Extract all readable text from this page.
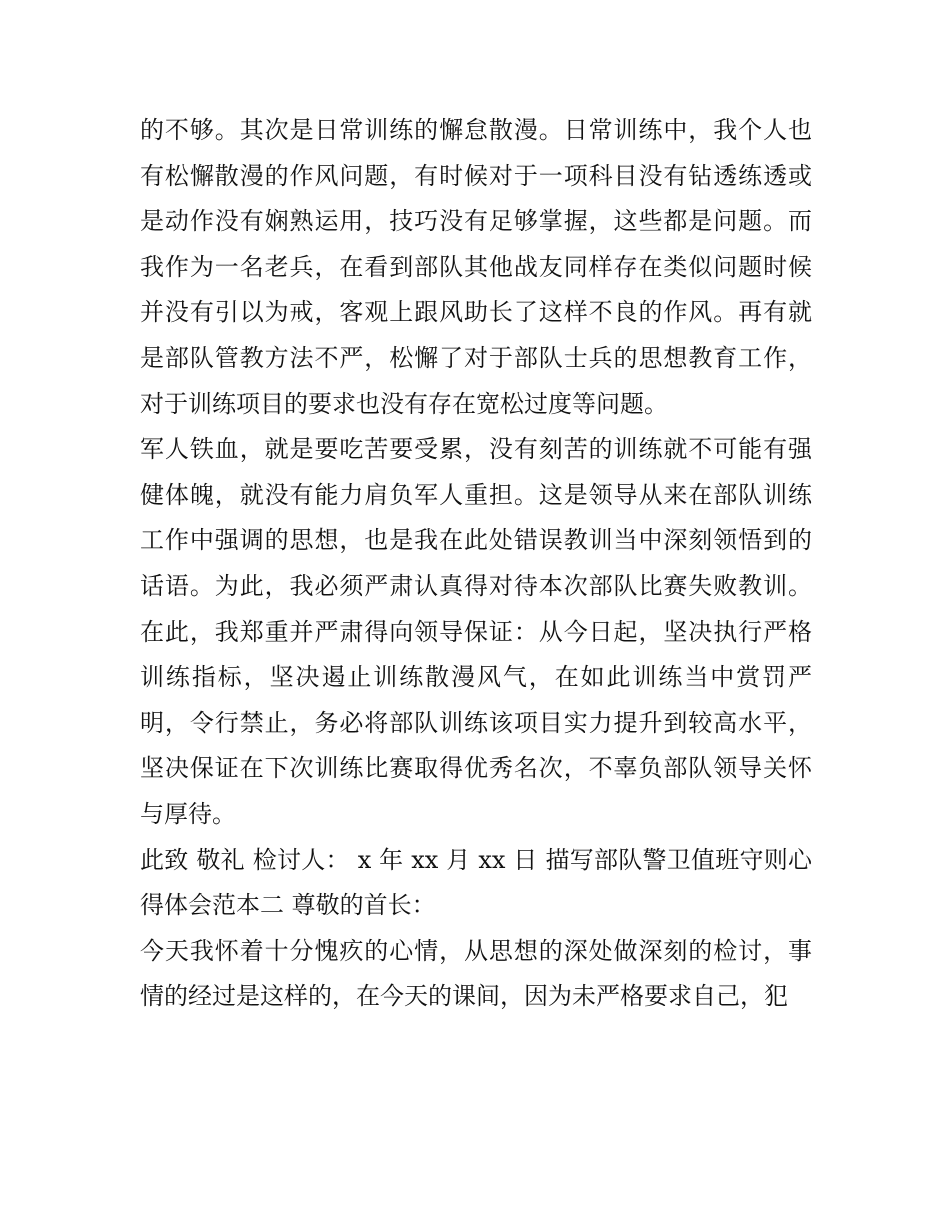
的不够。其次是日常训练的懈怠散漫。日常训练中，我个人也
有松懈散漫的作风问题，有时候对于一项科目没有钻透练透或
是动作没有娴熟运用，技巧没有足够掌握，这些都是问题。而
我作为一名老兵，在看到部队其他战友同样存在类似问题时候
并没有引以为戒，客观上跟风助长了这样不良的作风。再有就
是部队管教方法不严，松懈了对于部队士兵的思想教育工作，
对于训练项目的要求也没有存在宽松过度等问题。
军人铁血，就是要吃苦要受累，没有刻苦的训练就不可能有强
健体魄，就没有能力肩负军人重担。这是领导从来在部队训练
工作中强调的思想，也是我在此处错误教训当中深刻领悟到的
话语。为此，我必须严肃认真得对待本次部队比赛失败教训。
在此，我郑重并严肃得向领导保证：从今日起，坚决执行严格
训练指标，坚决遏止训练散漫风气，在如此训练当中赏罚严
明，令行禁止，务必将部队训练该项目实力提升到较高水平，
坚决保证在下次训练比赛取得优秀名次，不辜负部队领导关怀
与厚待。
此致 敬礼 检讨人： x 年 xx 月 xx 日 描写部队警卫值班守则心
得体会范本二 尊敬的首长：
今天我怀着十分愧疚的心情，从思想的深处做深刻的检讨，事
情的经过是这样的，在今天的课间，因为未严格要求自己，犯
